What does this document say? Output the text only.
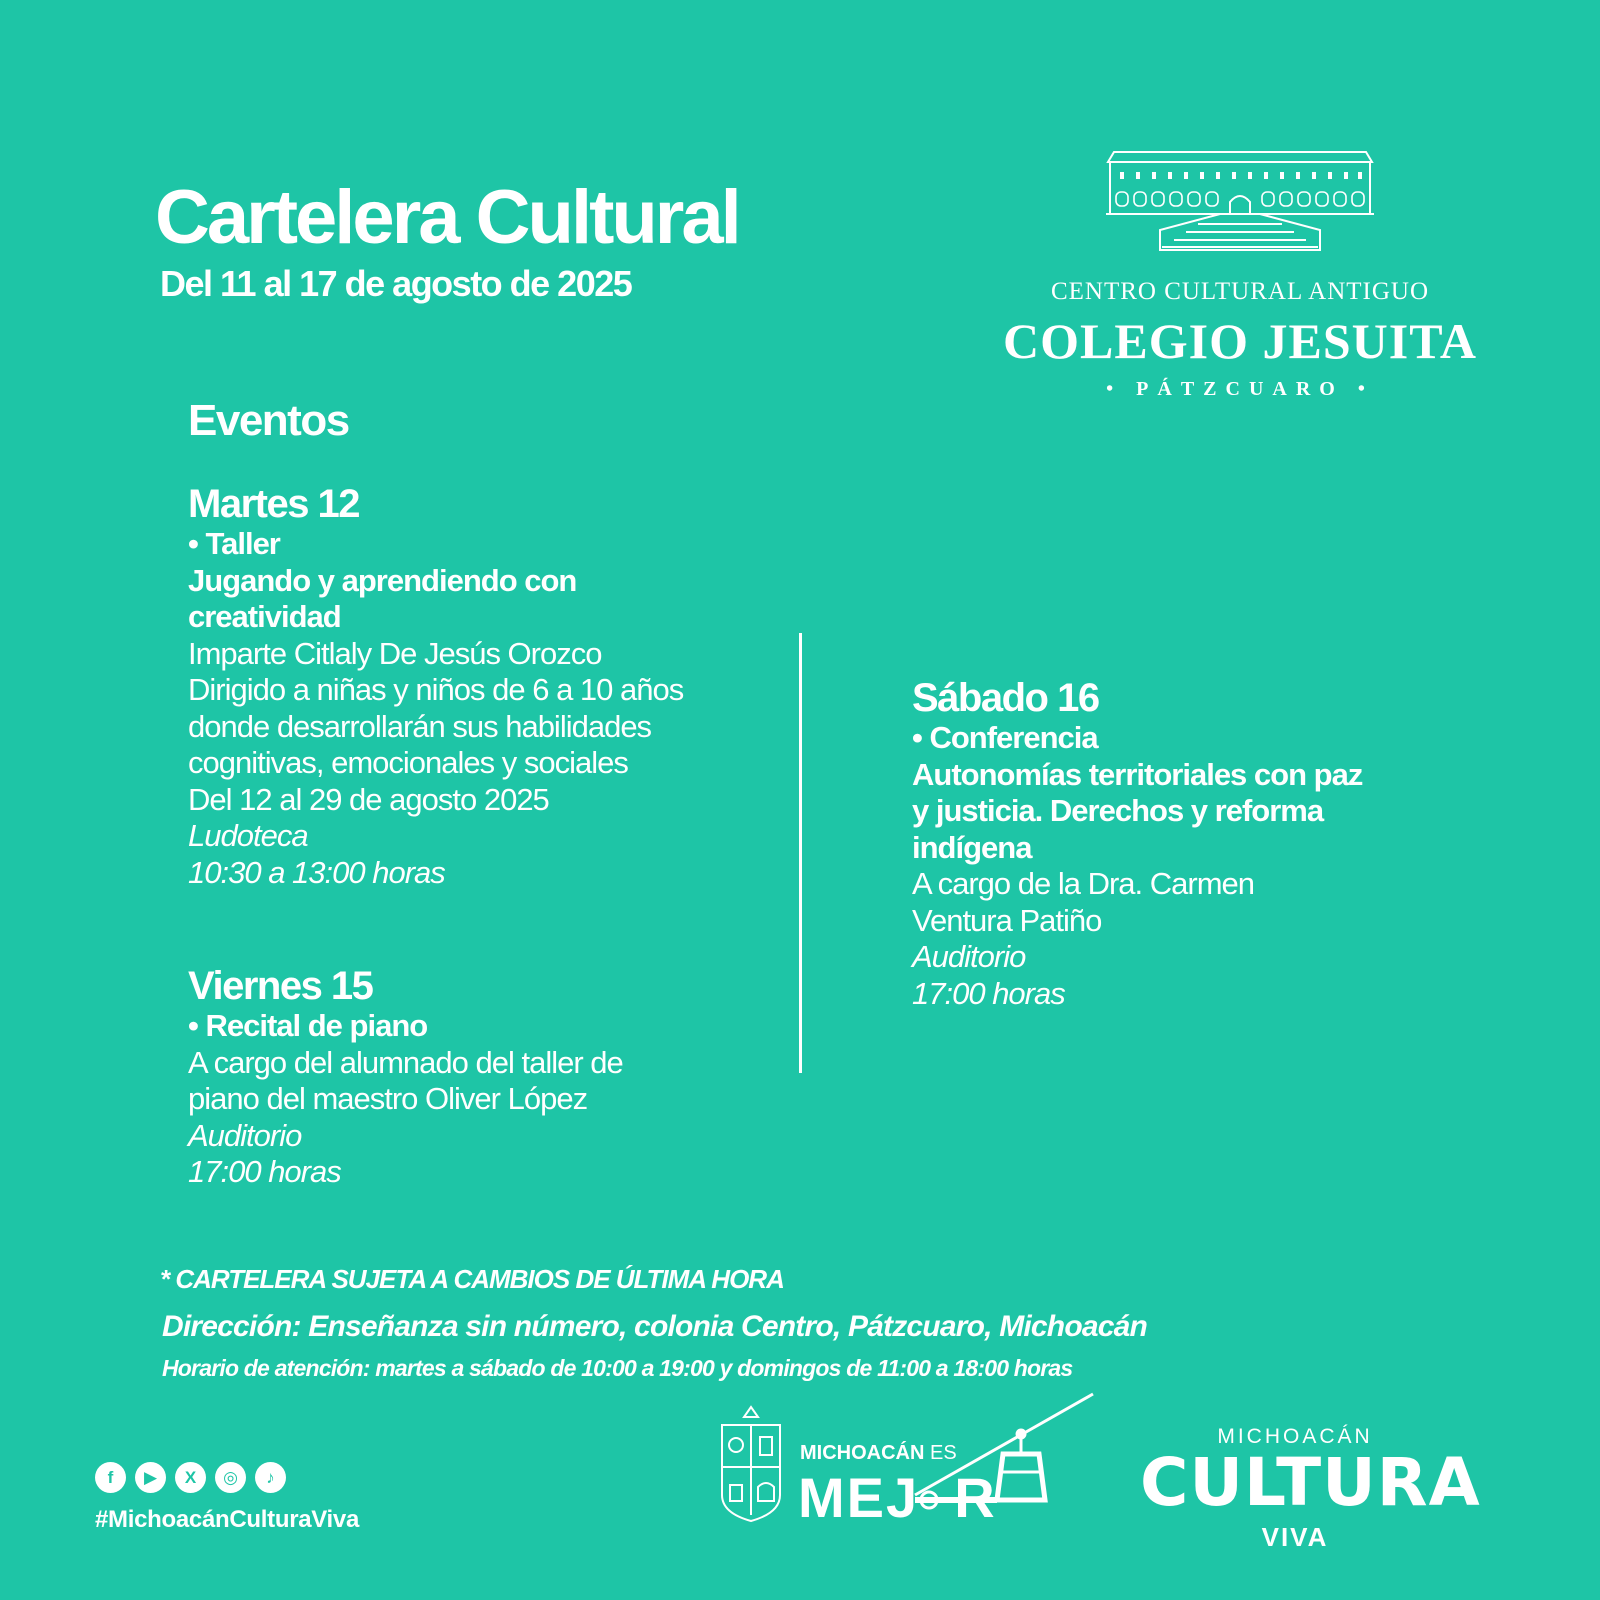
Cartelera Cultural
Del 11 al 17 de agosto de 2025	CENTRO CULTURAL ANTIGUO
COLEGIO JESUITA
• PÁTZCUARO •
Eventos
Martes 12
• Taller
Jugando y aprendiendo con creatividad
Imparte Citlaly De Jesús Orozco
Dirigido a niñas y niños de 6 a 10 años donde desarrollarán sus habilidades cognitivas, emocionales y sociales
Del 12 al 29 de agosto 2025
Ludoteca
10:30 a 13:00 horas
Viernes 15
• Recital de piano
A cargo del alumnado del taller de piano del maestro Oliver López
Auditorio
17:00 horas
Sábado 16
• Conferencia
Autonomías territoriales con paz y justicia. Derechos y reforma indígena
A cargo de la Dra. Carmen Ventura Patiño
Auditorio
17:00 horas
* CARTELERA SUJETA A CAMBIOS DE ÚLTIMA HORA
Dirección: Enseñanza sin número, colonia Centro, Pátzcuaro, Michoacán
Horario de atención: martes a sábado de 10:00 a 19:00 y domingos de 11:00 a 18:00 horas
f	▶	X	◎	♪
#MichoacánCulturaViva
MICHOACÁN ES
MEJ  R
MICHOACÁN
CULTURA
VIVA
